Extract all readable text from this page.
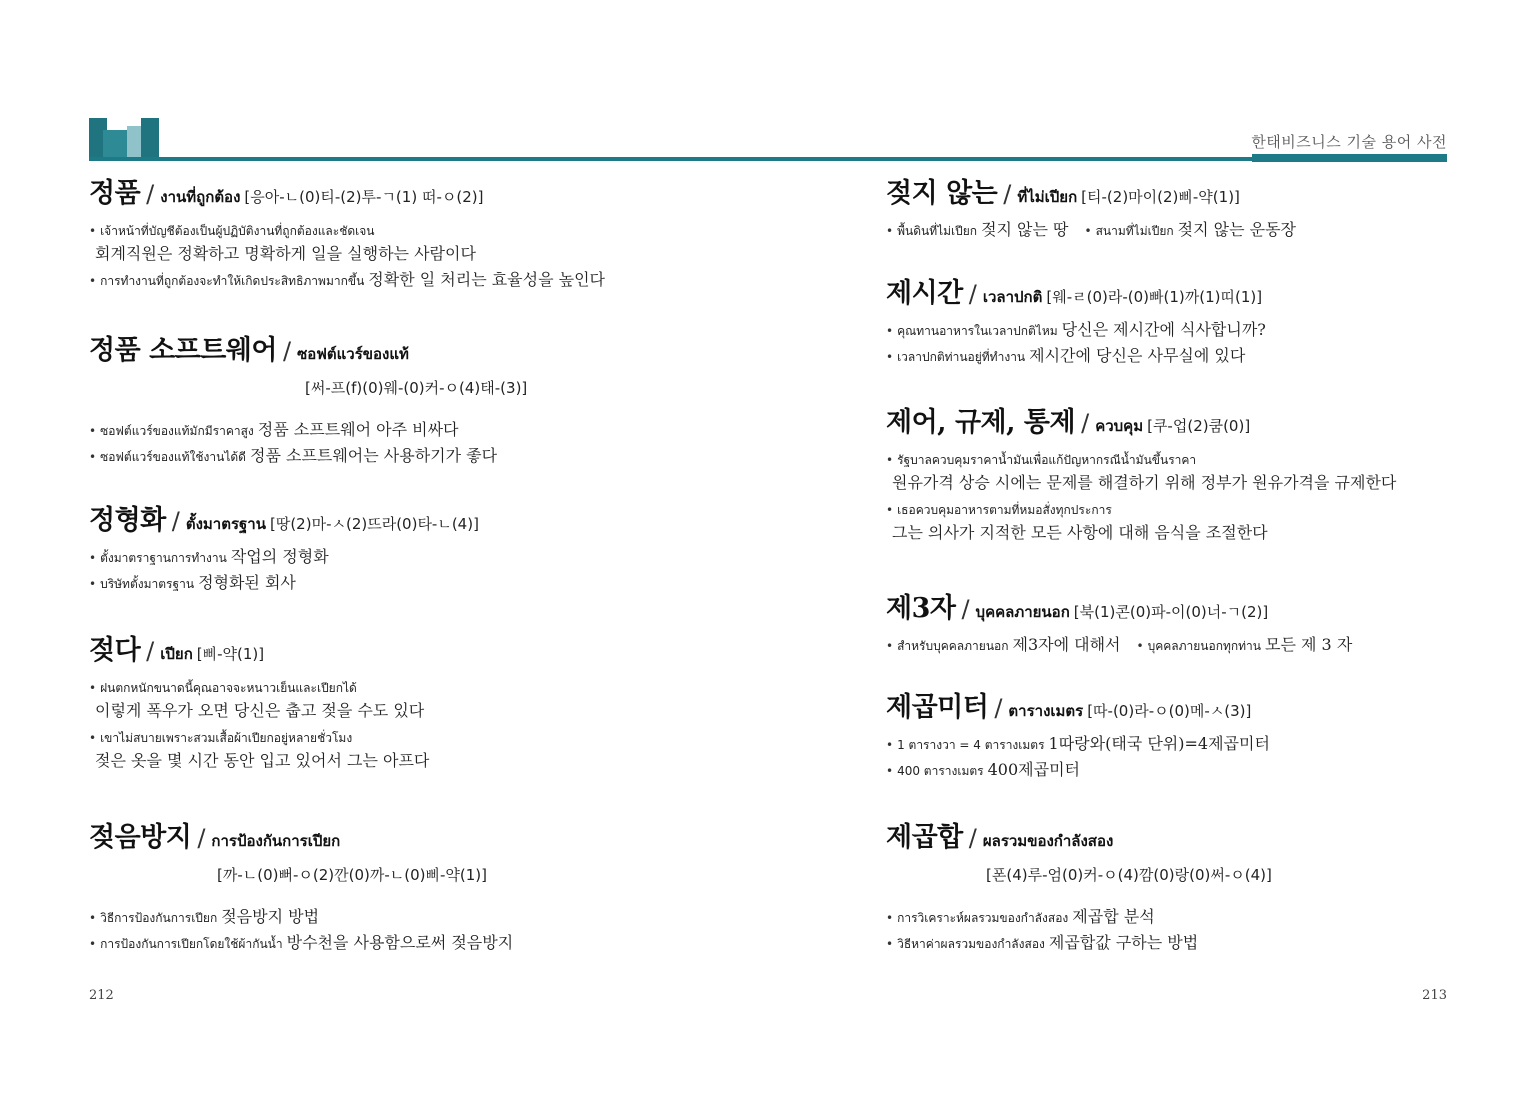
한태비즈니스 기술 용어 사전
정품 / งานที่ถูกต้อง [응아-ㄴ(0)티-(2)투-ㄱ(1) 떠-ㅇ(2)]
• เจ้าหน้าที่บัญชีต้องเป็นผู้ปฏิบัติงานที่ถูกต้องและชัดเจน
회계직원은 정확하고 명확하게 일을 실행하는 사람이다
• การทำงานที่ถูกต้องจะทำให้เกิดประสิทธิภาพมากขึ้น 정확한 일 처리는 효율성을 높인다
정품 소프트웨어 / ซอฟต์แวร์ของแท้
[써-프(f)(0)웨-(0)커-ㅇ(4)태-(3)]
• ซอฟต์แวร์ของแท้มักมีราคาสูง 정품 소프트웨어 아주 비싸다
• ซอฟต์แวร์ของแท้ใช้งานได้ดี 정품 소프트웨어는 사용하기가 좋다
정형화 / ตั้งมาตรฐาน [땅(2)마-ㅅ(2)뜨라(0)타-ㄴ(4)]
• ตั้งมาตราฐานการทำงาน 작업의 정형화
• บริษัทตั้งมาตรฐาน 정형화된 회사
젖다 / เปียก [삐-약(1)]
• ฝนตกหนักขนาดนี้คุณอาจจะหนาวเย็นและเปียกได้
이렇게 폭우가 오면 당신은 춥고 젖을 수도 있다
• เขาไม่สบายเพราะสวมเสื้อผ้าเปียกอยู่หลายชั่วโมง
젖은 옷을 몇 시간 동안 입고 있어서 그는 아프다
젖음방지 / การป้องกันการเปียก
[까-ㄴ(0)뻐-ㅇ(2)깐(0)까-ㄴ(0)삐-약(1)]
• วิธีการป้องกันการเปียก 젖음방지 방법
• การป้องกันการเปียกโดยใช้ผ้ากันน้ำ 방수천을 사용함으로써 젖음방지
젖지 않는 / ที่ไม่เปียก [티-(2)마이(2)삐-약(1)]
• พื้นดินที่ไม่เปียก 젖지 않는 땅 • สนามที่ไม่เปียก 젖지 않는 운동장
제시간 / เวลาปกติ [웨-ㄹ(0)라-(0)빠(1)까(1)띠(1)]
• คุณทานอาหารในเวลาปกติไหม 당신은 제시간에 식사합니까?
• เวลาปกติท่านอยู่ที่ทำงาน 제시간에 당신은 사무실에 있다
제어, 규제, 통제 / ควบคุม [쿠-업(2)쿰(0)]
• รัฐบาลควบคุมราคาน้ำมันเพื่อแก้ปัญหากรณีน้ำมันขึ้นราคา
원유가격 상승 시에는 문제를 해결하기 위해 정부가 원유가격을 규제한다
• เธอควบคุมอาหารตามที่หมอสั่งทุกประการ
그는 의사가 지적한 모든 사항에 대해 음식을 조절한다
제3자 / บุคคลภายนอก [북(1)콘(0)파-이(0)너-ㄱ(2)]
• สำหรับบุคคลภายนอก 제3자에 대해서 • บุคคลภายนอกทุกท่าน 모든 제 3 자
제곱미터 / ตารางเมตร [따-(0)라-ㅇ(0)메-ㅅ(3)]
• 1 ตารางวา = 4 ตารางเมตร 1따랑와(태국 단위)=4제곱미터
• 400 ตารางเมตร 400제곱미터
제곱합 / ผลรวมของกำลังสอง
[폰(4)루-엄(0)커-ㅇ(4)깜(0)랑(0)써-ㅇ(4)]
• การวิเคราะห์ผลรวมของกำลังสอง 제곱합 분석
• วิธีหาค่าผลรวมของกำลังสอง 제곱합값 구하는 방법
212	213
